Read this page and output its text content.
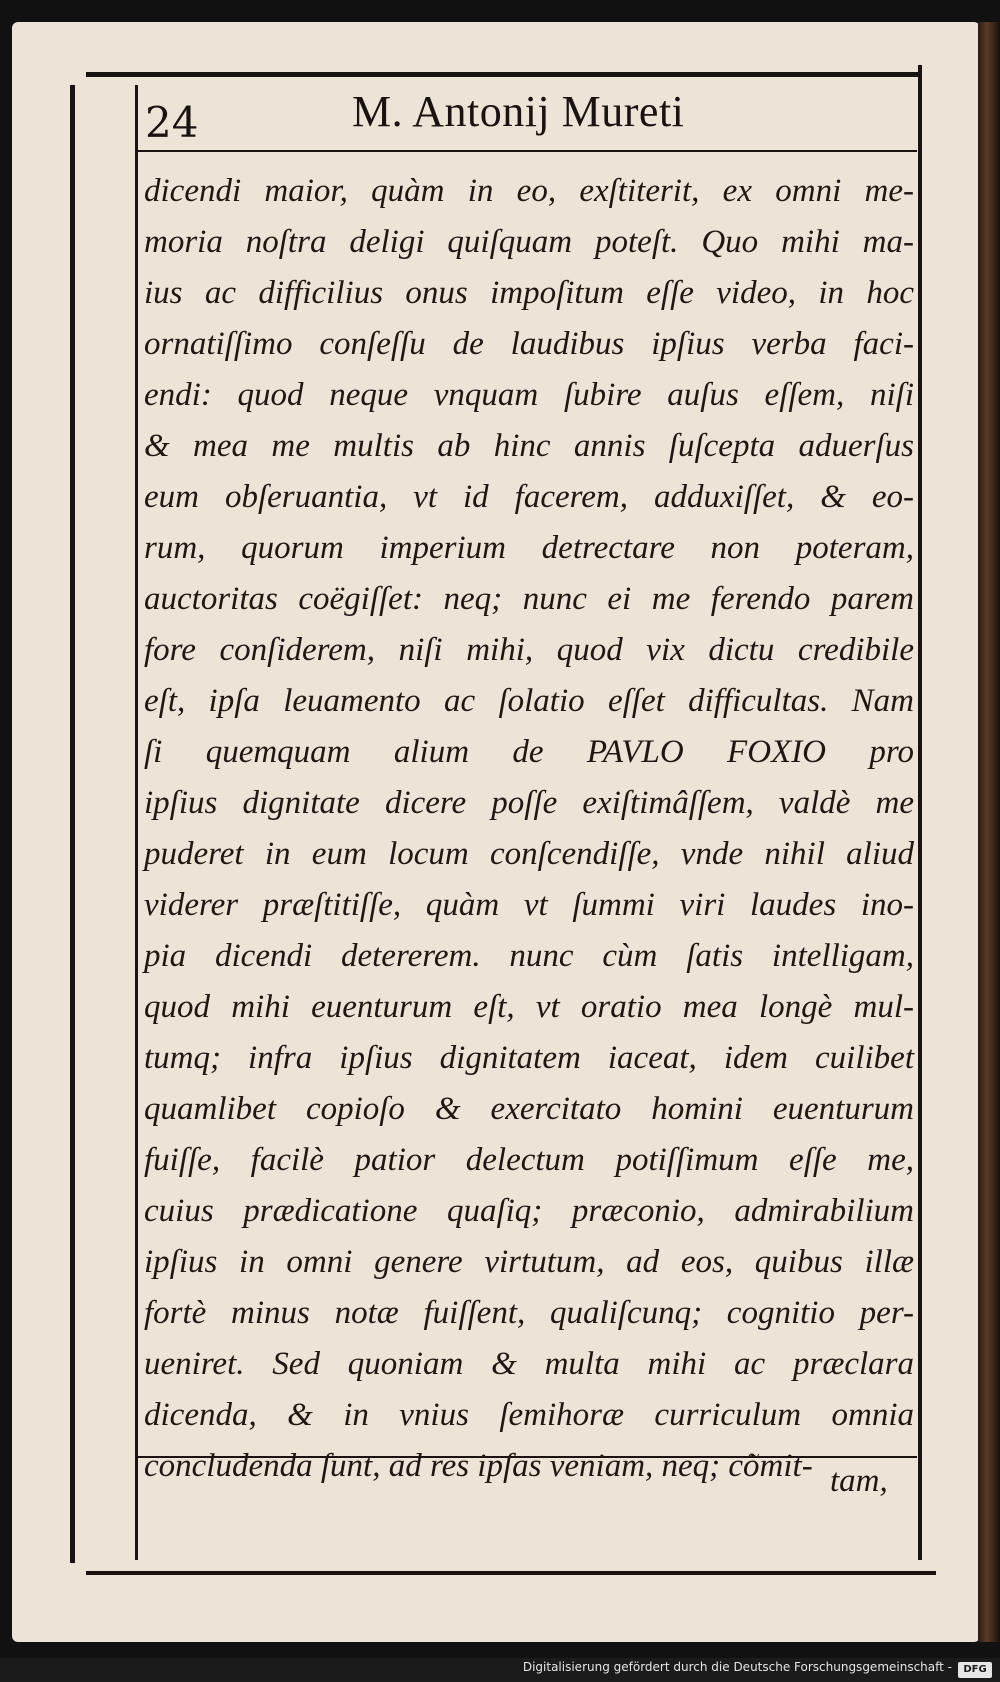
24	M. Antonij Mureti
dicendi maior, quàm in eo, exſtiterit, ex omni me-
moria noſtra deligi quiſquam poteſt. Quo mihi ma-
ius ac difficilius onus impoſitum eſſe video, in hoc
ornatiſſimo conſeſſu de laudibus ipſius verba faci-
endi: quod neque vnquam ſubire auſus eſſem, niſi
& mea me multis ab hinc annis ſuſcepta aduerſus
eum obſeruantia, vt id facerem, adduxiſſet, & eo-
rum, quorum imperium detrectare non poteram,
auctoritas coëgiſſet: neq; nunc ei me ferendo parem
fore conſiderem, niſi mihi, quod vix dictu credibile
eſt, ipſa leuamento ac ſolatio eſſet difficultas. Nam
ſi quemquam alium de PAVLO FOXIO pro
ipſius dignitate dicere poſſe exiſtimâſſem, valdè me
puderet in eum locum conſcendiſſe, vnde nihil aliud
viderer præſtitiſſe, quàm vt ſummi viri laudes ino-
pia dicendi detererem. nunc cùm ſatis intelligam,
quod mihi euenturum eſt, vt oratio mea longè mul-
tumq; infra ipſius dignitatem iaceat, idem cuilibet
quamlibet copioſo & exercitato homini euenturum
fuiſſe, facilè patior delectum potiſſimum eſſe me,
cuius prædicatione quaſiq; præconio, admirabilium
ipſius in omni genere virtutum, ad eos, quibus illæ
fortè minus notæ fuiſſent, qualiſcunq; cognitio per-
ueniret. Sed quoniam & multa mihi ac præclara
dicenda, & in vnius ſemihoræ curriculum omnia
concludenda ſunt, ad res ipſas veniam, neq; cõmit- tam,
Digitalisierung gefördert durch die Deutsche Forschungsgemeinschaft -	DFG
